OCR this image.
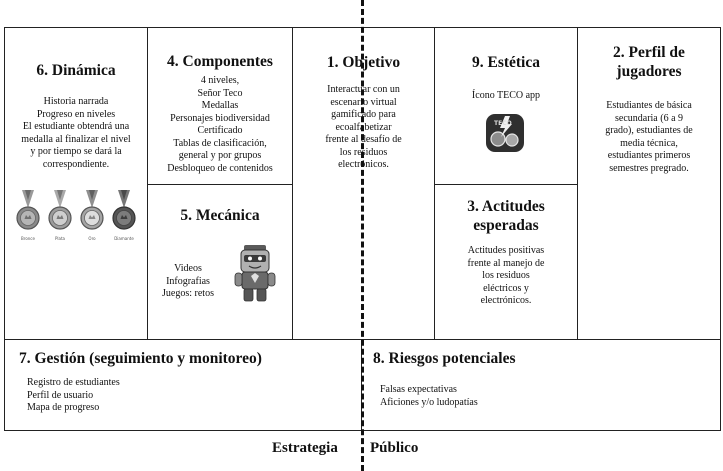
6. Dinámica
Historia narrada
Progreso en niveles
El estudiante obtendrá una
medalla al finalizar el nivel
y por tiempo se dará la
correspondiente.
Bronce	Plata	Oro	Diamante
4. Componentes
4 niveles,
Señor Teco
Medallas
Personajes biodiversidad
Certificado
Tablas de clasificación,
general y por grupos
Desbloqueo de contenidos
5. Mecánica
Videos
Infografias
Juegos: retos
1. Objetivo
Interactuar con un
escenario virtual
gamificado para
ecoalfabetizar
frente al desafío de
los residuos
electrónicos.
9. Estética
Ícono TECO app
TECO
3. Actitudes
esperadas
Actitudes positivas
frente al manejo de
los residuos
eléctricos y
electrónicos.
2. Perfil de
jugadores
Estudiantes de básica
secundaria (6 a 9
grado), estudiantes de
media técnica,
estudiantes primeros
semestres pregrado.
7. Gestión (seguimiento y monitoreo)
Registro de estudiantes
Perfil de usuario
Mapa de progreso
8. Riesgos potenciales
Falsas expectativas
Aficiones y/o ludopatías
Estrategia Público
